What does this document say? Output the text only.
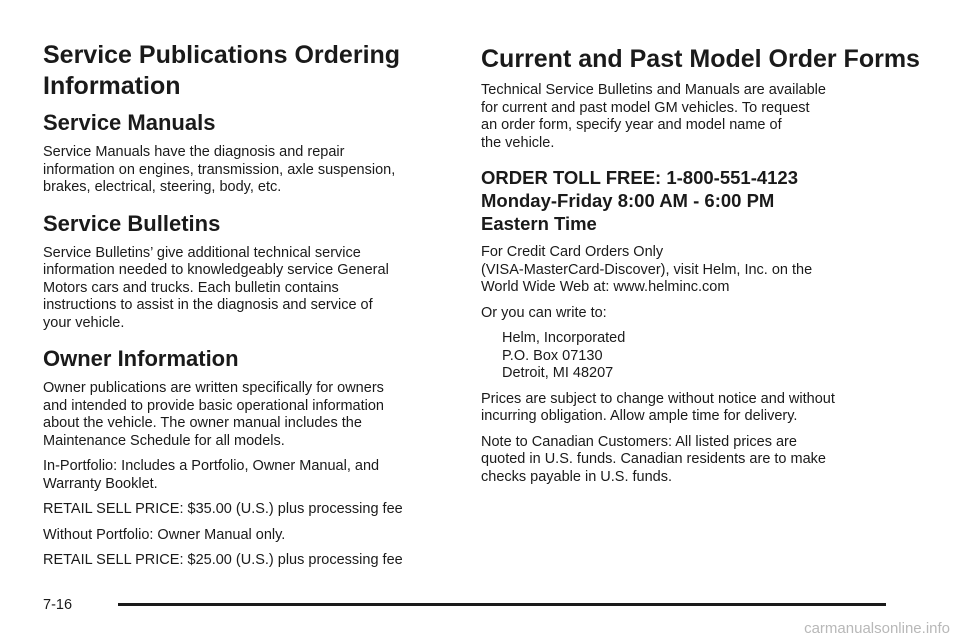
Service Publications Ordering
Information
Service Manuals

Service Manuals have the diagnosis and repair
information on engines, transmission, axle suspension,
brakes, electrical, steering, body, etc.

Service Bulletins

Service Bulletins’ give additional technical service
information needed to knowledgeably service General
Motors cars and trucks. Each bulletin contains
instructions to assist in the diagnosis and service of
your vehicle.

Owner Information

Owner publications are written specifically for owners
and intended to provide basic operational information
about the vehicle. The owner manual includes the
Maintenance Schedule for all models.

In-Portfolio: Includes a Portfolio, Owner Manual, and
Warranty Booklet.

RETAIL SELL PRICE: $35.00 (U.S.) plus processing fee

Without Portfolio: Owner Manual only.

RETAIL SELL PRICE: $25.00 (U.S.) plus processing fee

Current and Past Model Order Forms

Technical Service Bulletins and Manuals are available
for current and past model GM vehicles. To request
an order form, specify year and model name of
the vehicle.

ORDER TOLL FREE: 1-800-551-4123
Monday-Friday 8:00 AM - 6:00 PM
Eastern Time

For Credit Card Orders Only
(VISA-MasterCard-Discover), visit Helm, Inc. on the
World Wide Web at: www.helminc.com

Or you can write to:

Helm, Incorporated
P.O. Box 07130
Detroit, MI 48207

Prices are subject to change without notice and without
incurring obligation. Allow ample time for delivery.

Note to Canadian Customers: All listed prices are
quoted in U.S. funds. Canadian residents are to make
checks payable in U.S. funds.

7-16
carmanualsonline.info
